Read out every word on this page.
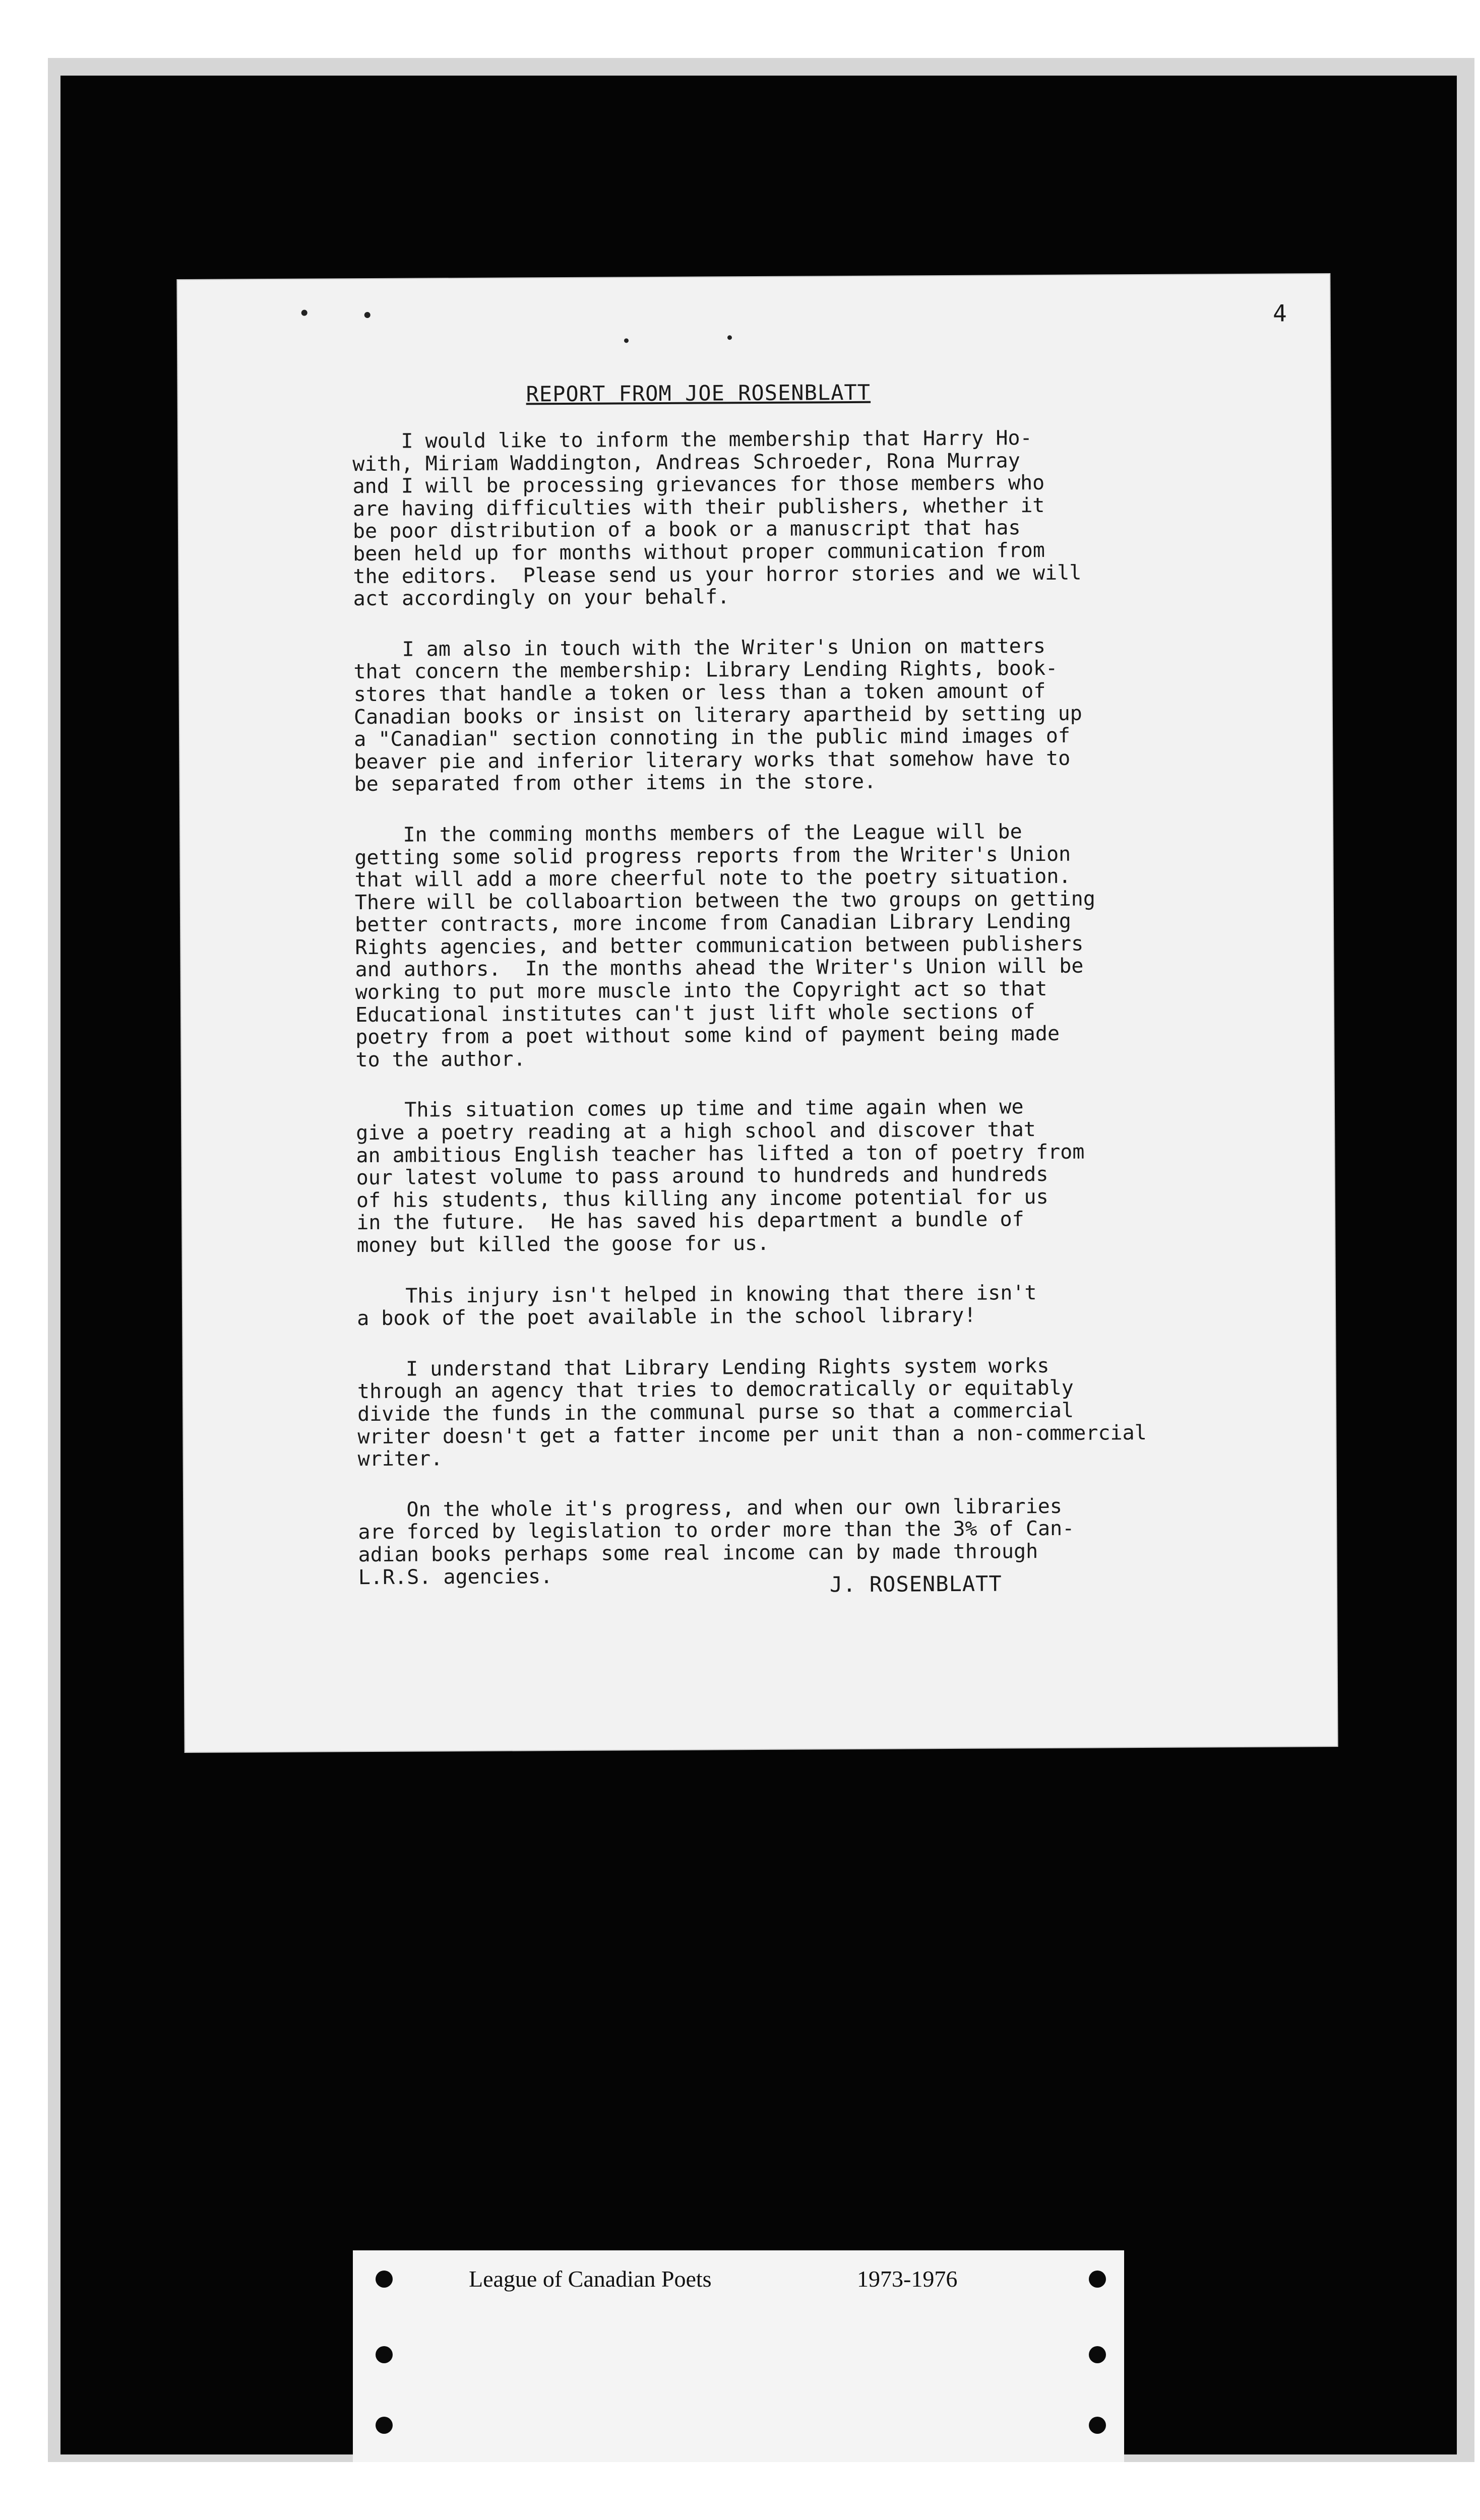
4
REPORT FROM JOE ROSENBLATT

I would like to inform the membership that Harry Ho-
with, Miriam Waddington, Andreas Schroeder, Rona Murray
and I will be processing grievances for those members who
are having difficulties with their publishers, whether it
be poor distribution of a book or a manuscript that has
been held up for months without proper communication from
the editors.  Please send us your horror stories and we will
act accordingly on your behalf.

I am also in touch with the Writer's Union on matters
that concern the membership: Library Lending Rights, book-
stores that handle a token or less than a token amount of
Canadian books or insist on literary apartheid by setting up
a "Canadian" section connoting in the public mind images of
beaver pie and inferior literary works that somehow have to
be separated from other items in the store.

In the comming months members of the League will be
getting some solid progress reports from the Writer's Union
that will add a more cheerful note to the poetry situation.
There will be collaboartion between the two groups on getting
better contracts, more income from Canadian Library Lending
Rights agencies, and better communication between publishers
and authors.  In the months ahead the Writer's Union will be
working to put more muscle into the Copyright act so that
Educational institutes can't just lift whole sections of
poetry from a poet without some kind of payment being made
to the author.

This situation comes up time and time again when we
give a poetry reading at a high school and discover that
an ambitious English teacher has lifted a ton of poetry from
our latest volume to pass around to hundreds and hundreds
of his students, thus killing any income potential for us
in the future.  He has saved his department a bundle of
money but killed the goose for us.

This injury isn't helped in knowing that there isn't
a book of the poet available in the school library!

I understand that Library Lending Rights system works
through an agency that tries to democratically or equitably
divide the funds in the communal purse so that a commercial
writer doesn't get a fatter income per unit than a non-commercial
writer.

On the whole it's progress, and when our own libraries
are forced by legislation to order more than the 3% of Can-
adian books perhaps some real income can by made through
L.R.S. agencies.	J. ROSENBLATT
League of Canadian Poets	1973-1976
